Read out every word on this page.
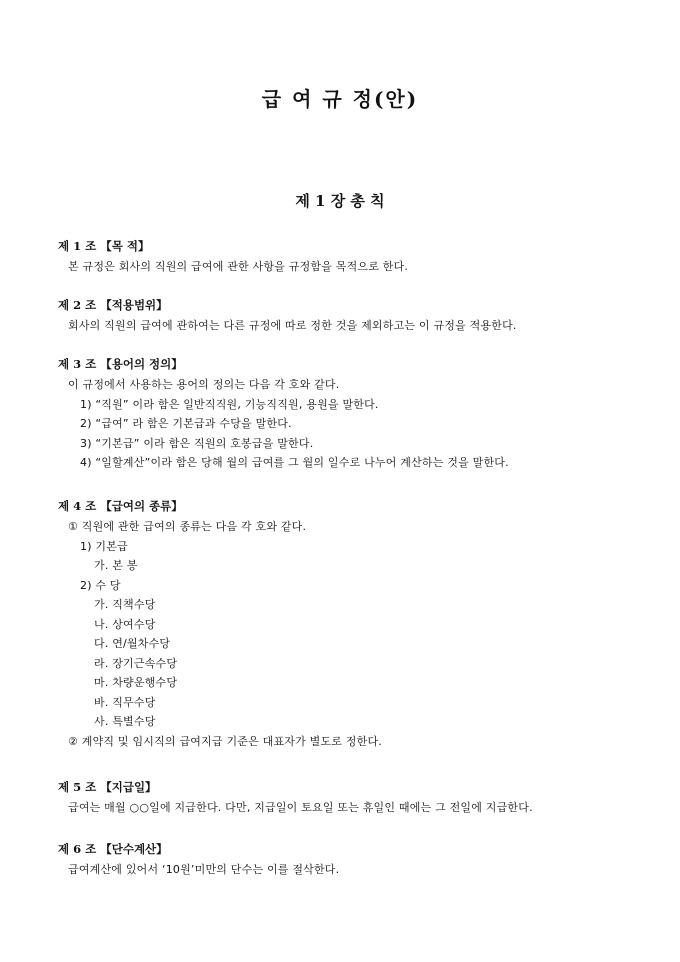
급 여 규 정(안)
제 1 장 총 칙
제 1 조 【목 적】
본 규정은 회사의 직원의 급여에 관한 사항을 규정함을 목적으로 한다.
제 2 조 【적용범위】
회사의 직원의 급여에 관하여는 다른 규정에 따로 정한 것을 제외하고는 이 규정을 적용한다.
제 3 조 【용어의 정의】
이 규정에서 사용하는 용어의 정의는 다음 각 호와 같다.
1) “직원” 이라 함은 일반직직원, 기능직직원, 용원을 말한다.
2) “급여” 라 함은 기본급과 수당을 말한다.
3) “기본급” 이라 함은 직원의 호봉급을 말한다.
4) “일할계산”이라 함은 당해 월의 급여를 그 월의 일수로 나누어 계산하는 것을 말한다.
제 4 조 【급여의 종류】
① 직원에 관한 급여의 종류는 다음 각 호와 같다.
1) 기본급
가. 본 봉
2) 수 당
가. 직책수당
나. 상여수당
다. 연/월차수당
라. 장기근속수당
마. 차량운행수당
바. 직무수당
사. 특별수당
② 계약직 및 임시직의 급여지급 기준은 대표자가 별도로 정한다.
제 5 조 【지급일】
급여는 매월 ○○일에 지급한다. 다만, 지급일이 토요일 또는 휴일인 때에는 그 전일에 지급한다.
제 6 조 【단수계산】
급여계산에 있어서 ‘10원’미만의 단수는 이를 절삭한다.
